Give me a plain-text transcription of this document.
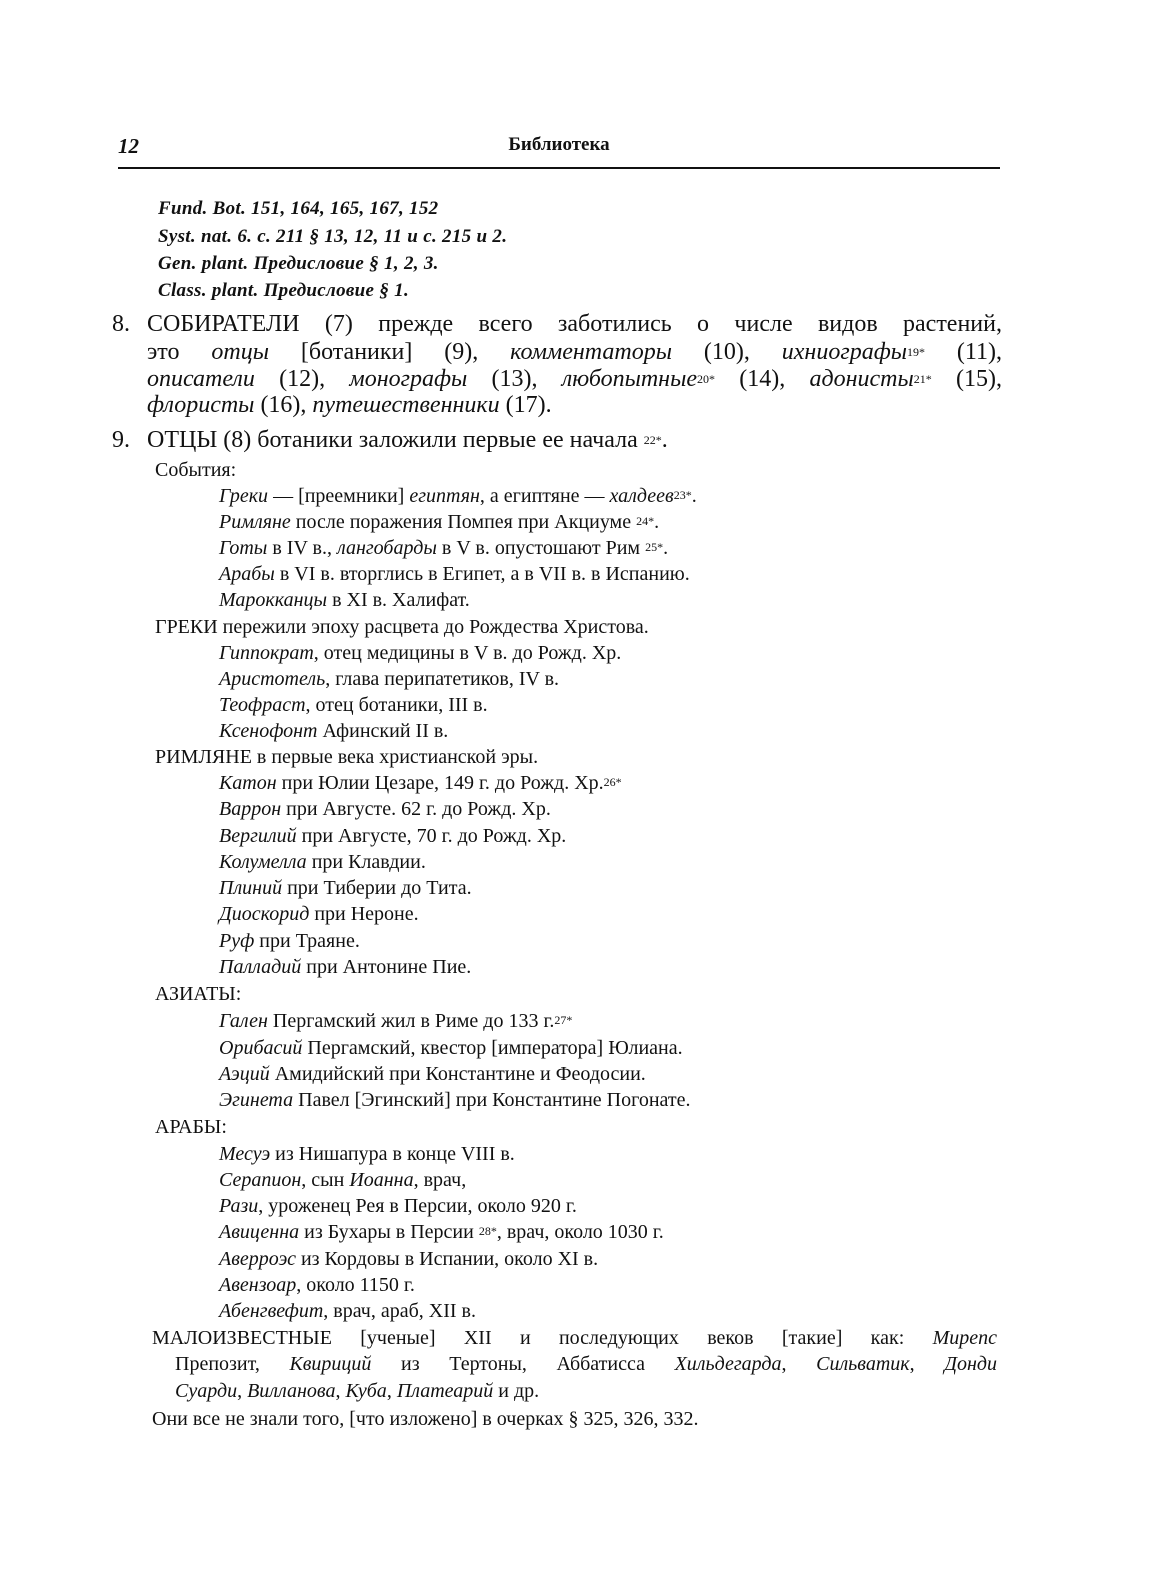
12	Библиотека
Fund. Bot. 151, 164, 165, 167, 152
Syst. nat. 6. c. 211 § 13, 12, 11 и с. 215 и 2.
Gen. plant. Предисловие § 1, 2, 3.
Class. plant. Предисловие § 1.
8. СОБИРАТЕЛИ (7) прежде всего заботились о числе видов растений,
это отцы [ботаники] (9), комментаторы (10), ихниографы$^{19*}$ (11),
описатели (12), монографы (13), любопытные$^{20*}$ (14), адонисты$^{21*}$ (15),
флористы (16), путешественники (17).
9. ОТЦЫ (8) ботаники заложили первые ее начала $^{22*}$.
События:
Греки — [преемники] египтян, а египтяне — халдеев$^{23*}$.
Римляне после поражения Помпея при Акциуме $^{24*}$.
Готы в IV в., лангобарды в V в. опустошают Рим $^{25*}$.
Арабы в VI в. вторглись в Египет, а в VII в. в Испанию.
Марокканцы в XI в. Халифат.
ГРЕКИ пережили эпоху расцвета до Рождества Христова.
Гиппократ, отец медицины в V в. до Рожд. Хр.
Аристотель, глава перипатетиков, IV в.
Теофраст, отец ботаники, III в.
Ксенофонт Афинский II в.
РИМЛЯНЕ в первые века христианской эры.
Катон при Юлии Цезаре, 149 г. до Рожд. Хр.$^{26*}$
Варрон при Августе. 62 г. до Рожд. Хр.
Вергилий при Августе, 70 г. до Рожд. Хр.
Колумелла при Клавдии.
Плиний при Тиберии до Тита.
Диоскорид при Нероне.
Руф при Траяне.
Палладий при Антонине Пие.
АЗИАТЫ:
Гален Пергамский жил в Риме до 133 г.$^{27*}$
Орибасий Пергамский, квестор [императора] Юлиана.
Аэций Амидийский при Константине и Феодосии.
Эгинета Павел [Эгинский] при Константине Погонате.
АРАБЫ:
Месуэ из Нишапура в конце VIII в.
Серапион, сын Иоанна, врач,
Рази, уроженец Рея в Персии, около 920 г.
Авиценна из Бухары в Персии $^{28*}$, врач, около 1030 г.
Аверроэс из Кордовы в Испании, около XI в.
Авензоар, около 1150 г.
Абенгвефит, врач, араб, XII в.
МАЛОИЗВЕСТНЫЕ [ученые] XII и последующих веков [такие] как: Мирепс
Препозит, Квириций из Тертоны, Аббатисса Хильдегарда, Сильватик, Донди
Суарди, Вилланова, Куба, Платеарий и др.
Они все не знали того, [что изложено] в очерках § 325, 326, 332.
